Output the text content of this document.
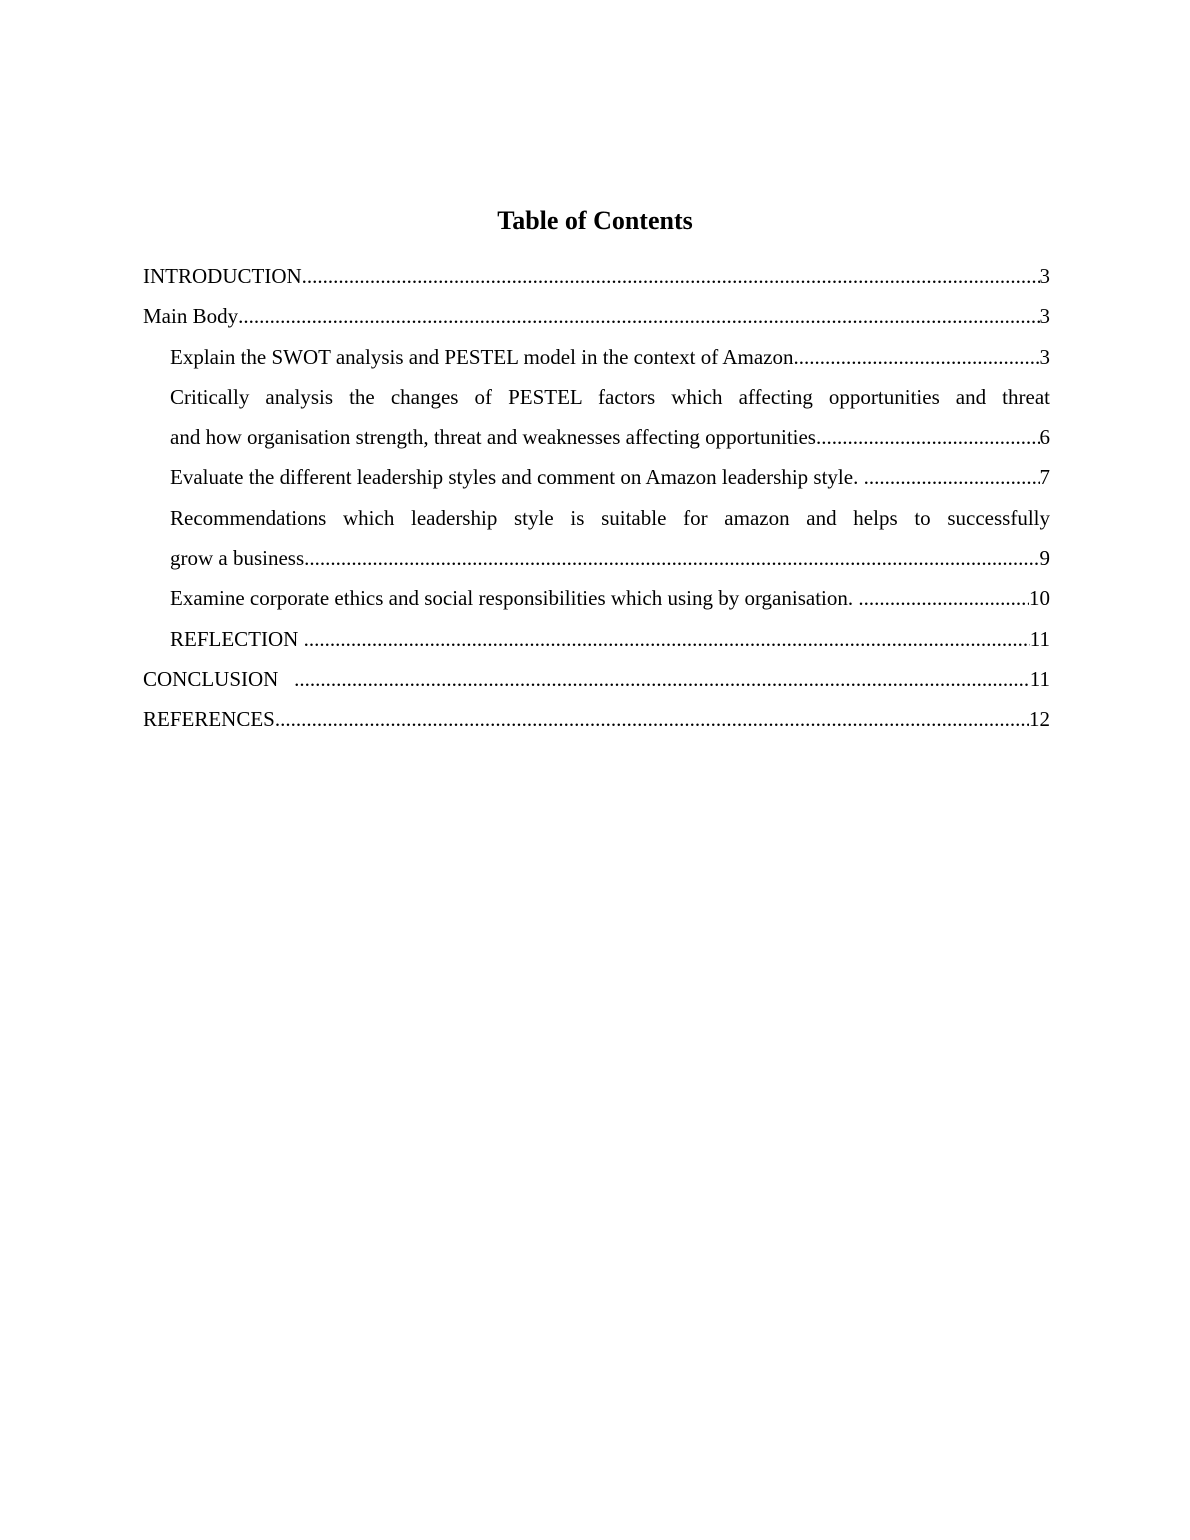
Table of Contents
INTRODUCTION .....	3
Main Body .....	3
Explain the SWOT analysis and PESTEL model in the context of Amazon. .....	3
Critically analysis the changes of PESTEL factors which affecting opportunities and threat
and how organisation strength, threat and weaknesses affecting opportunities. .....	6
Evaluate the different leadership styles and comment on Amazon leadership style. .....	7
Recommendations which leadership style is suitable for amazon and helps to successfully
grow a business. .....	9
Examine corporate ethics and social responsibilities which using by organisation. .....	10
REFLECTION .....	11
CONCLUSION .....	11
REFERENCES .....	12
